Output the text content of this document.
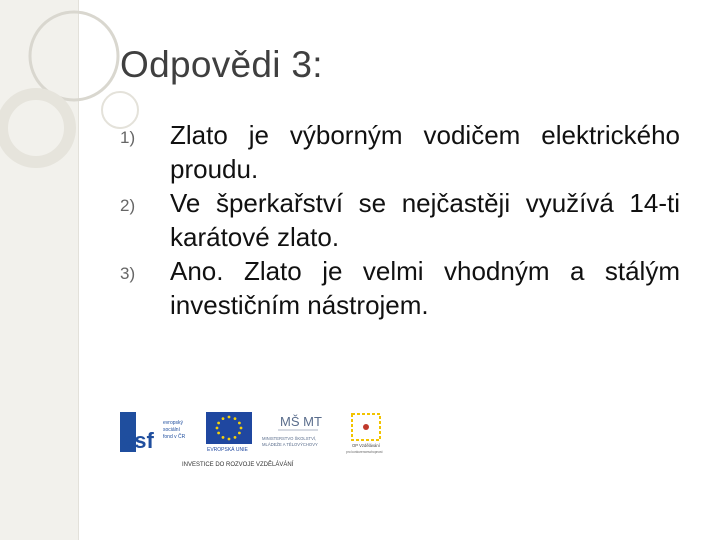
Odpovědi 3:
1) Zlato je výborným vodičem elektrického proudu.
2) Ve šperkařství se nejčastěji využívá 14-ti karátové zlato.
3) Ano. Zlato je velmi vhodným a stálým investičním nástrojem.
esf
evropský
sociální
fond v ČR
EVROPSKÁ UNIE
MŠ MT
MINISTERSTVO ŠKOLSTVÍ,
MLÁDEŽE A TĚLOVÝCHOVY	OP Vzdělávání
pro konkurenceschopnost
INVESTICE DO ROZVOJE VZDĚLÁVÁNÍ
